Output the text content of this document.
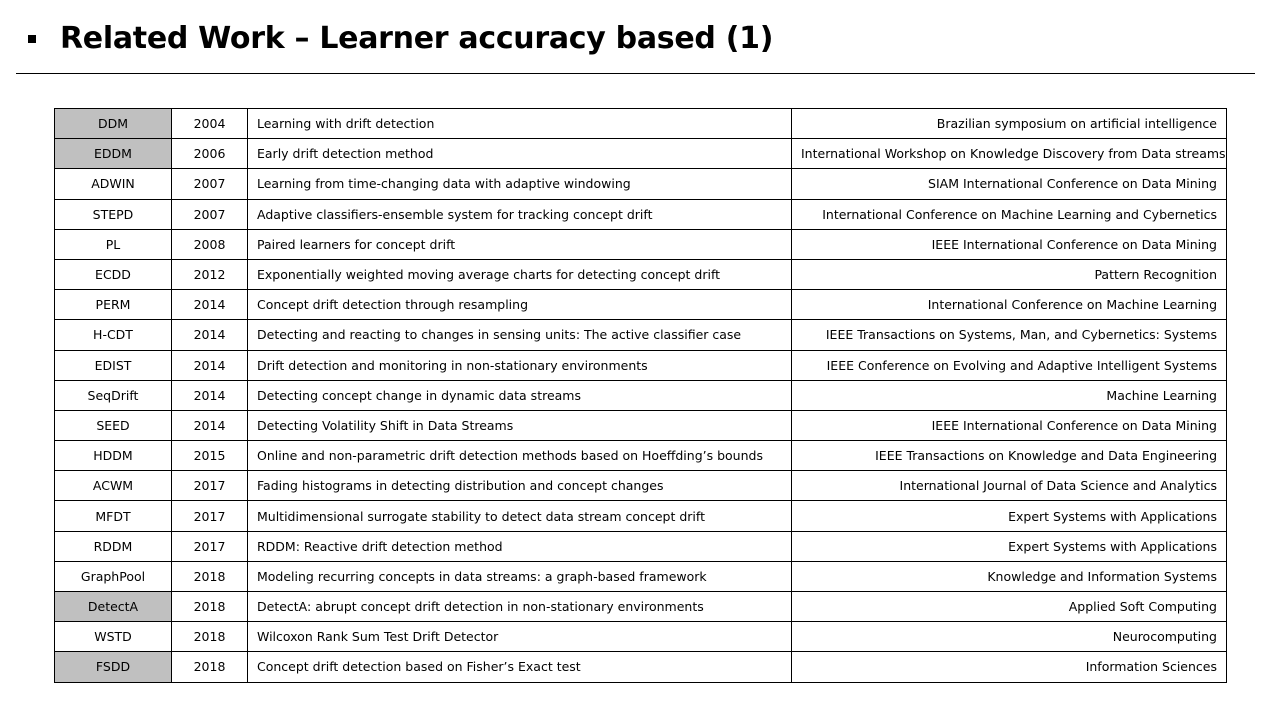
Related Work – Learner accuracy based (1)
DDM	2004	Learning with drift detection	Brazilian symposium on artificial intelligence
EDDM	2006	Early drift detection method	International Workshop on Knowledge Discovery from Data streams
ADWIN	2007	Learning from time-changing data with adaptive windowing	SIAM International Conference on Data Mining
STEPD	2007	Adaptive classifiers-ensemble system for tracking concept drift	International Conference on Machine Learning and Cybernetics
PL	2008	Paired learners for concept drift	IEEE International Conference on Data Mining
ECDD	2012	Exponentially weighted moving average charts for detecting concept drift	Pattern Recognition
PERM	2014	Concept drift detection through resampling	International Conference on Machine Learning
H-CDT	2014	Detecting and reacting to changes in sensing units: The active classifier case	IEEE Transactions on Systems, Man, and Cybernetics: Systems
EDIST	2014	Drift detection and monitoring in non-stationary environments	IEEE Conference on Evolving and Adaptive Intelligent Systems
SeqDrift	2014	Detecting concept change in dynamic data streams	Machine Learning
SEED	2014	Detecting Volatility Shift in Data Streams	IEEE International Conference on Data Mining
HDDM	2015	Online and non-parametric drift detection methods based on Hoeffding’s bounds	IEEE Transactions on Knowledge and Data Engineering
ACWM	2017	Fading histograms in detecting distribution and concept changes	International Journal of Data Science and Analytics
MFDT	2017	Multidimensional surrogate stability to detect data stream concept drift	Expert Systems with Applications
RDDM	2017	RDDM: Reactive drift detection method	Expert Systems with Applications
GraphPool	2018	Modeling recurring concepts in data streams: a graph-based framework	Knowledge and Information Systems
DetectA	2018	DetectA: abrupt concept drift detection in non-stationary environments	Applied Soft Computing
WSTD	2018	Wilcoxon Rank Sum Test Drift Detector	Neurocomputing
FSDD	2018	Concept drift detection based on Fisher’s Exact test	Information Sciences
